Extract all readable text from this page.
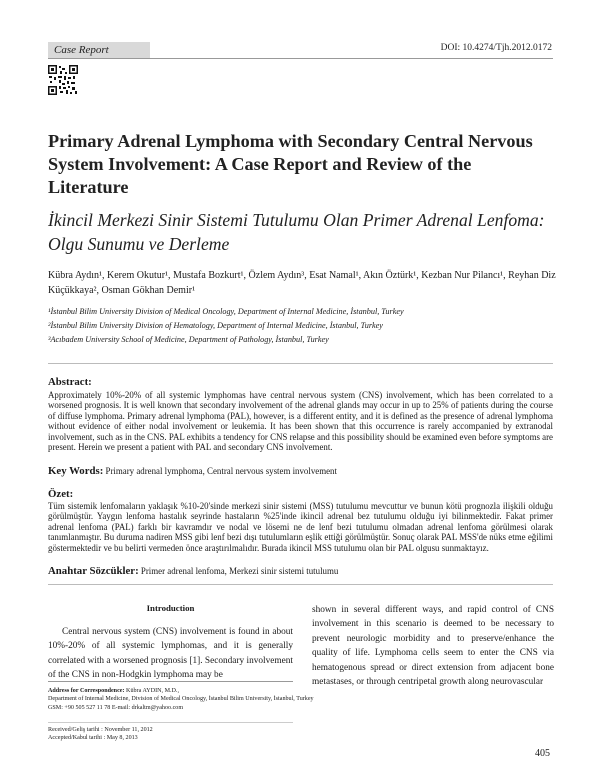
Case Report	DOI: 10.4274/Tjh.2012.0172
Primary Adrenal Lymphoma with Secondary Central Nervous System Involvement: A Case Report and Review of the Literature
İkincil Merkezi Sinir Sistemi Tutulumu Olan Primer Adrenal Lenfoma: Olgu Sunumu ve Derleme
Kübra Aydın¹, Kerem Okutur¹, Mustafa Bozkurt¹, Özlem Aydın³, Esat Namal¹, Akın Öztürk¹, Kezban Nur Pilancı¹, Reyhan Diz Küçükkaya², Osman Gökhan Demir¹
¹İstanbul Bilim University Division of Medical Oncology, Department of Internal Medicine, İstanbul, Turkey
²İstanbul Bilim University Division of Hematology, Department of Internal Medicine, İstanbul, Turkey
³Acıbadem University School of Medicine, Department of Pathology, İstanbul, Turkey
Abstract:
Approximately 10%-20% of all systemic lymphomas have central nervous system (CNS) involvement, which has been correlated to a worsened prognosis. It is well known that secondary involvement of the adrenal glands may occur in up to 25% of patients during the course of diffuse lymphoma. Primary adrenal lymphoma (PAL), however, is a different entity, and it is defined as the presence of adrenal lymphoma without evidence of either nodal involvement or leukemia. It has been shown that this occurrence is rarely accompanied by extranodal involvement, such as in the CNS. PAL exhibits a tendency for CNS relapse and this possibility should be examined even before symptoms are present. Herein we present a patient with PAL and secondary CNS involvement.
Key Words: Primary adrenal lymphoma, Central nervous system involvement
Özet:
Tüm sistemik lenfomaların yaklaşık %10-20'sinde merkezi sinir sistemi (MSS) tutulumu mevcuttur ve bunun kötü prognozla ilişkili olduğu görülmüştür. Yaygın lenfoma hastalık seyrinde hastaların %25'inde ikincil adrenal bez tutulumu olduğu iyi bilinmektedir. Fakat primer adrenal lenfoma (PAL) farklı bir kavramdır ve nodal ve lösemi ne de lenf bezi tutulumu olmadan adrenal lenfoma görülmesi olarak tanımlanmıştır. Bu duruma nadiren MSS gibi lenf bezi dışı tutulumların eşlik ettiği görülmüştür. Sonuç olarak PAL MSS'de nüks etme eğilimi göstermektedir ve bu belirti vermeden önce araştırılmalıdır. Burada ikincil MSS tutulumu olan bir PAL olgusu sunmaktayız.
Anahtar Sözcükler: Primer adrenal lenfoma, Merkezi sinir sistemi tutulumu
Introduction
Central nervous system (CNS) involvement is found in about 10%-20% of all systemic lymphomas, and it is generally correlated with a worsened prognosis [1]. Secondary involvement of the CNS in non-Hodgkin lymphoma may be
shown in several different ways, and rapid control of CNS involvement in this scenario is deemed to be necessary to prevent neurologic morbidity and to preserve/enhance the quality of life. Lymphoma cells seem to enter the CNS via hematogenous spread or direct extension from adjacent bone metastases, or through centripetal growth along neurovascular
Address for Correspondence: Kübra AYDIN, M.D.,
Department of Internal Medicine, Division of Medical Oncology, İstanbul Bilim University, İstanbul, Turkey
GSM: +90 505 527 11 78 E-mail: drkaltm@yahoo.com
Received/Geliş tarihi : November 11, 2012
Accepted/Kabul tarihi : May 8, 2013
405
